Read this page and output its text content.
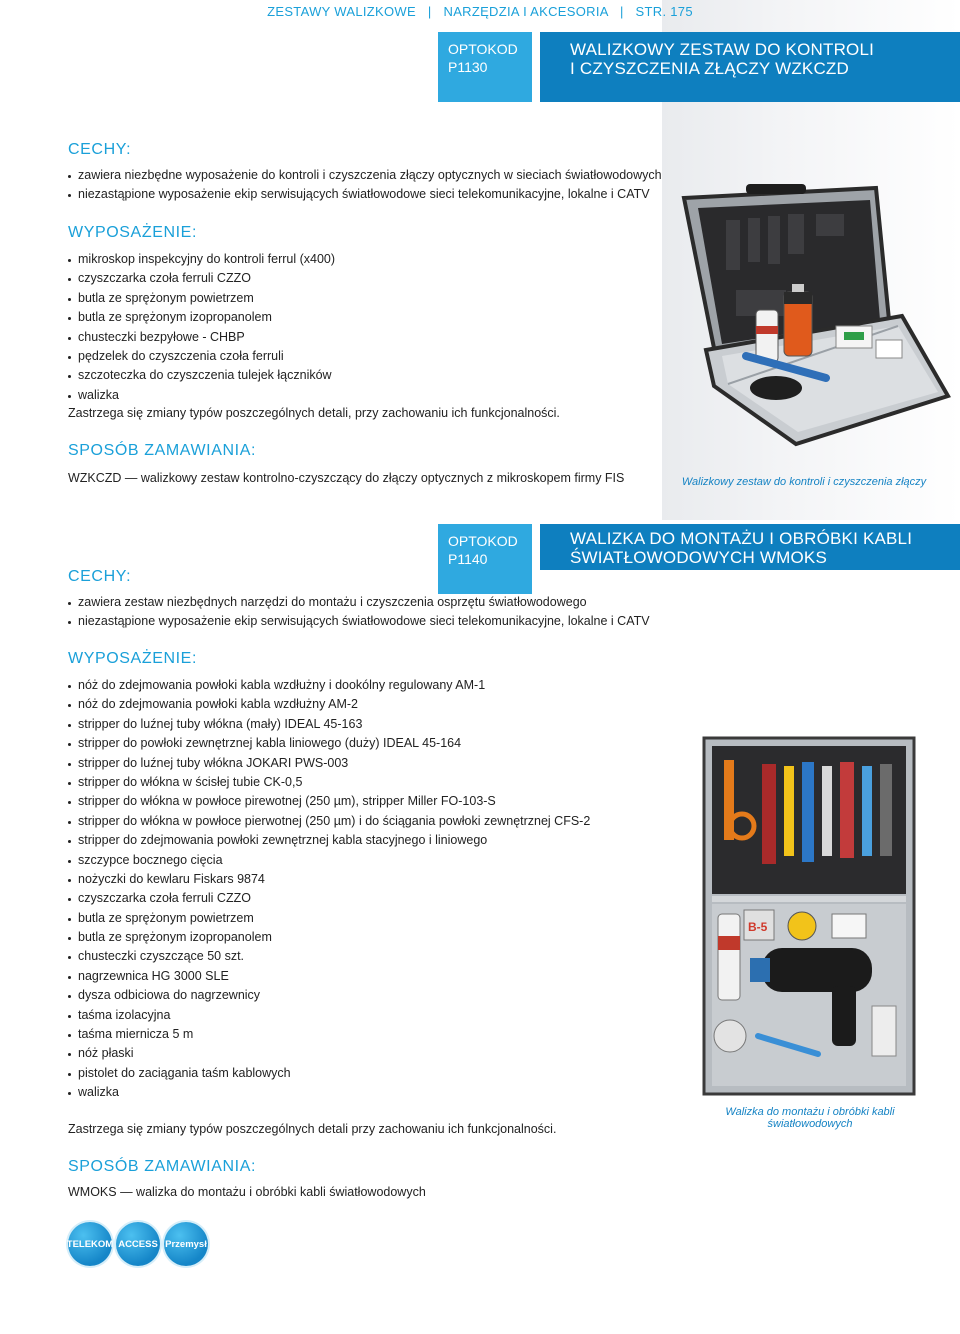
ZESTAWY WALIZKOWE | NARZĘDZIA I AKCESORIA | STR. 175
OPTOKOD
P1130
WALIZKOWY ZESTAW DO KONTROLI
I CZYSZCZENIA ZŁĄCZY WZKCZD
CECHY:
zawiera niezbędne wyposażenie do kontroli i czyszczenia złączy optycznych w sieciach światłowodowych
niezastąpione wyposażenie ekip serwisujących światłowodowe sieci telekomunikacyjne, lokalne i CATV
WYPOSAŻENIE:
mikroskop inspekcyjny do kontroli ferrul (x400)
czyszczarka czoła ferruli CZZO
butla ze sprężonym powietrzem
butla ze sprężonym izopropanolem
chusteczki bezpyłowe - CHBP
pędzelek do czyszczenia czoła ferruli
szczoteczka do czyszczenia tulejek łączników
walizka
Zastrzega się zmiany typów poszczególnych detali, przy zachowaniu ich funkcjonalności.
SPOSÓB ZAMAWIANIA:
WZKCZD — walizkowy zestaw kontrolno-czyszczący do złączy optycznych z mikroskopem firmy FIS	Walizkowy zestaw do kontroli i czyszczenia złączy
OPTOKOD
P1140
WALIZKA DO MONTAŻU I OBRÓBKI KABLI
ŚWIATŁOWODOWYCH WMOKS
CECHY:
zawiera zestaw niezbędnych narzędzi do montażu i czyszczenia osprzętu światłowodowego
niezastąpione wyposażenie ekip serwisujących światłowodowe sieci telekomunikacyjne, lokalne i CATV
WYPOSAŻENIE:
nóż do zdejmowania powłoki kabla wzdłużny i dookólny regulowany AM-1
nóż do zdejmowania powłoki kabla wzdłużny AM-2
stripper do luźnej tuby włókna (mały) IDEAL 45-163
stripper do powłoki zewnętrznej kabla liniowego (duży) IDEAL 45-164
stripper do luźnej tuby włókna JOKARI PWS-003
stripper do włókna w ścisłej tubie CK-0,5
stripper do włókna w powłoce pirewotnej (250 µm), stripper Miller FO-103-S
stripper do włókna w powłoce pierwotnej (250 µm) i do ściągania powłoki zewnętrznej CFS-2
stripper do zdejmowania powłoki zewnętrznej kabla stacyjnego i liniowego
szczypce bocznego cięcia
nożyczki do kewlaru Fiskars 9874
czyszczarka czoła ferruli CZZO
butla ze sprężonym powietrzem
butla ze sprężonym izopropanolem
chusteczki czyszczące 50 szt.
nagrzewnica HG 3000 SLE
dysza odbiciowa do nagrzewnicy
taśma izolacyjna
taśma miernicza 5 m
nóż płaski
pistolet do zaciągania taśm kablowych
walizka
Zastrzega się zmiany typów poszczególnych detali przy zachowaniu ich funkcjonalności.
SPOSÓB ZAMAWIANIA:
WMOKS — walizka do montażu i obróbki kabli światłowodowych
B-5
Walizka do montażu i obróbki kabli
światłowodowych
TELEKOM ACCESS Przemysł
